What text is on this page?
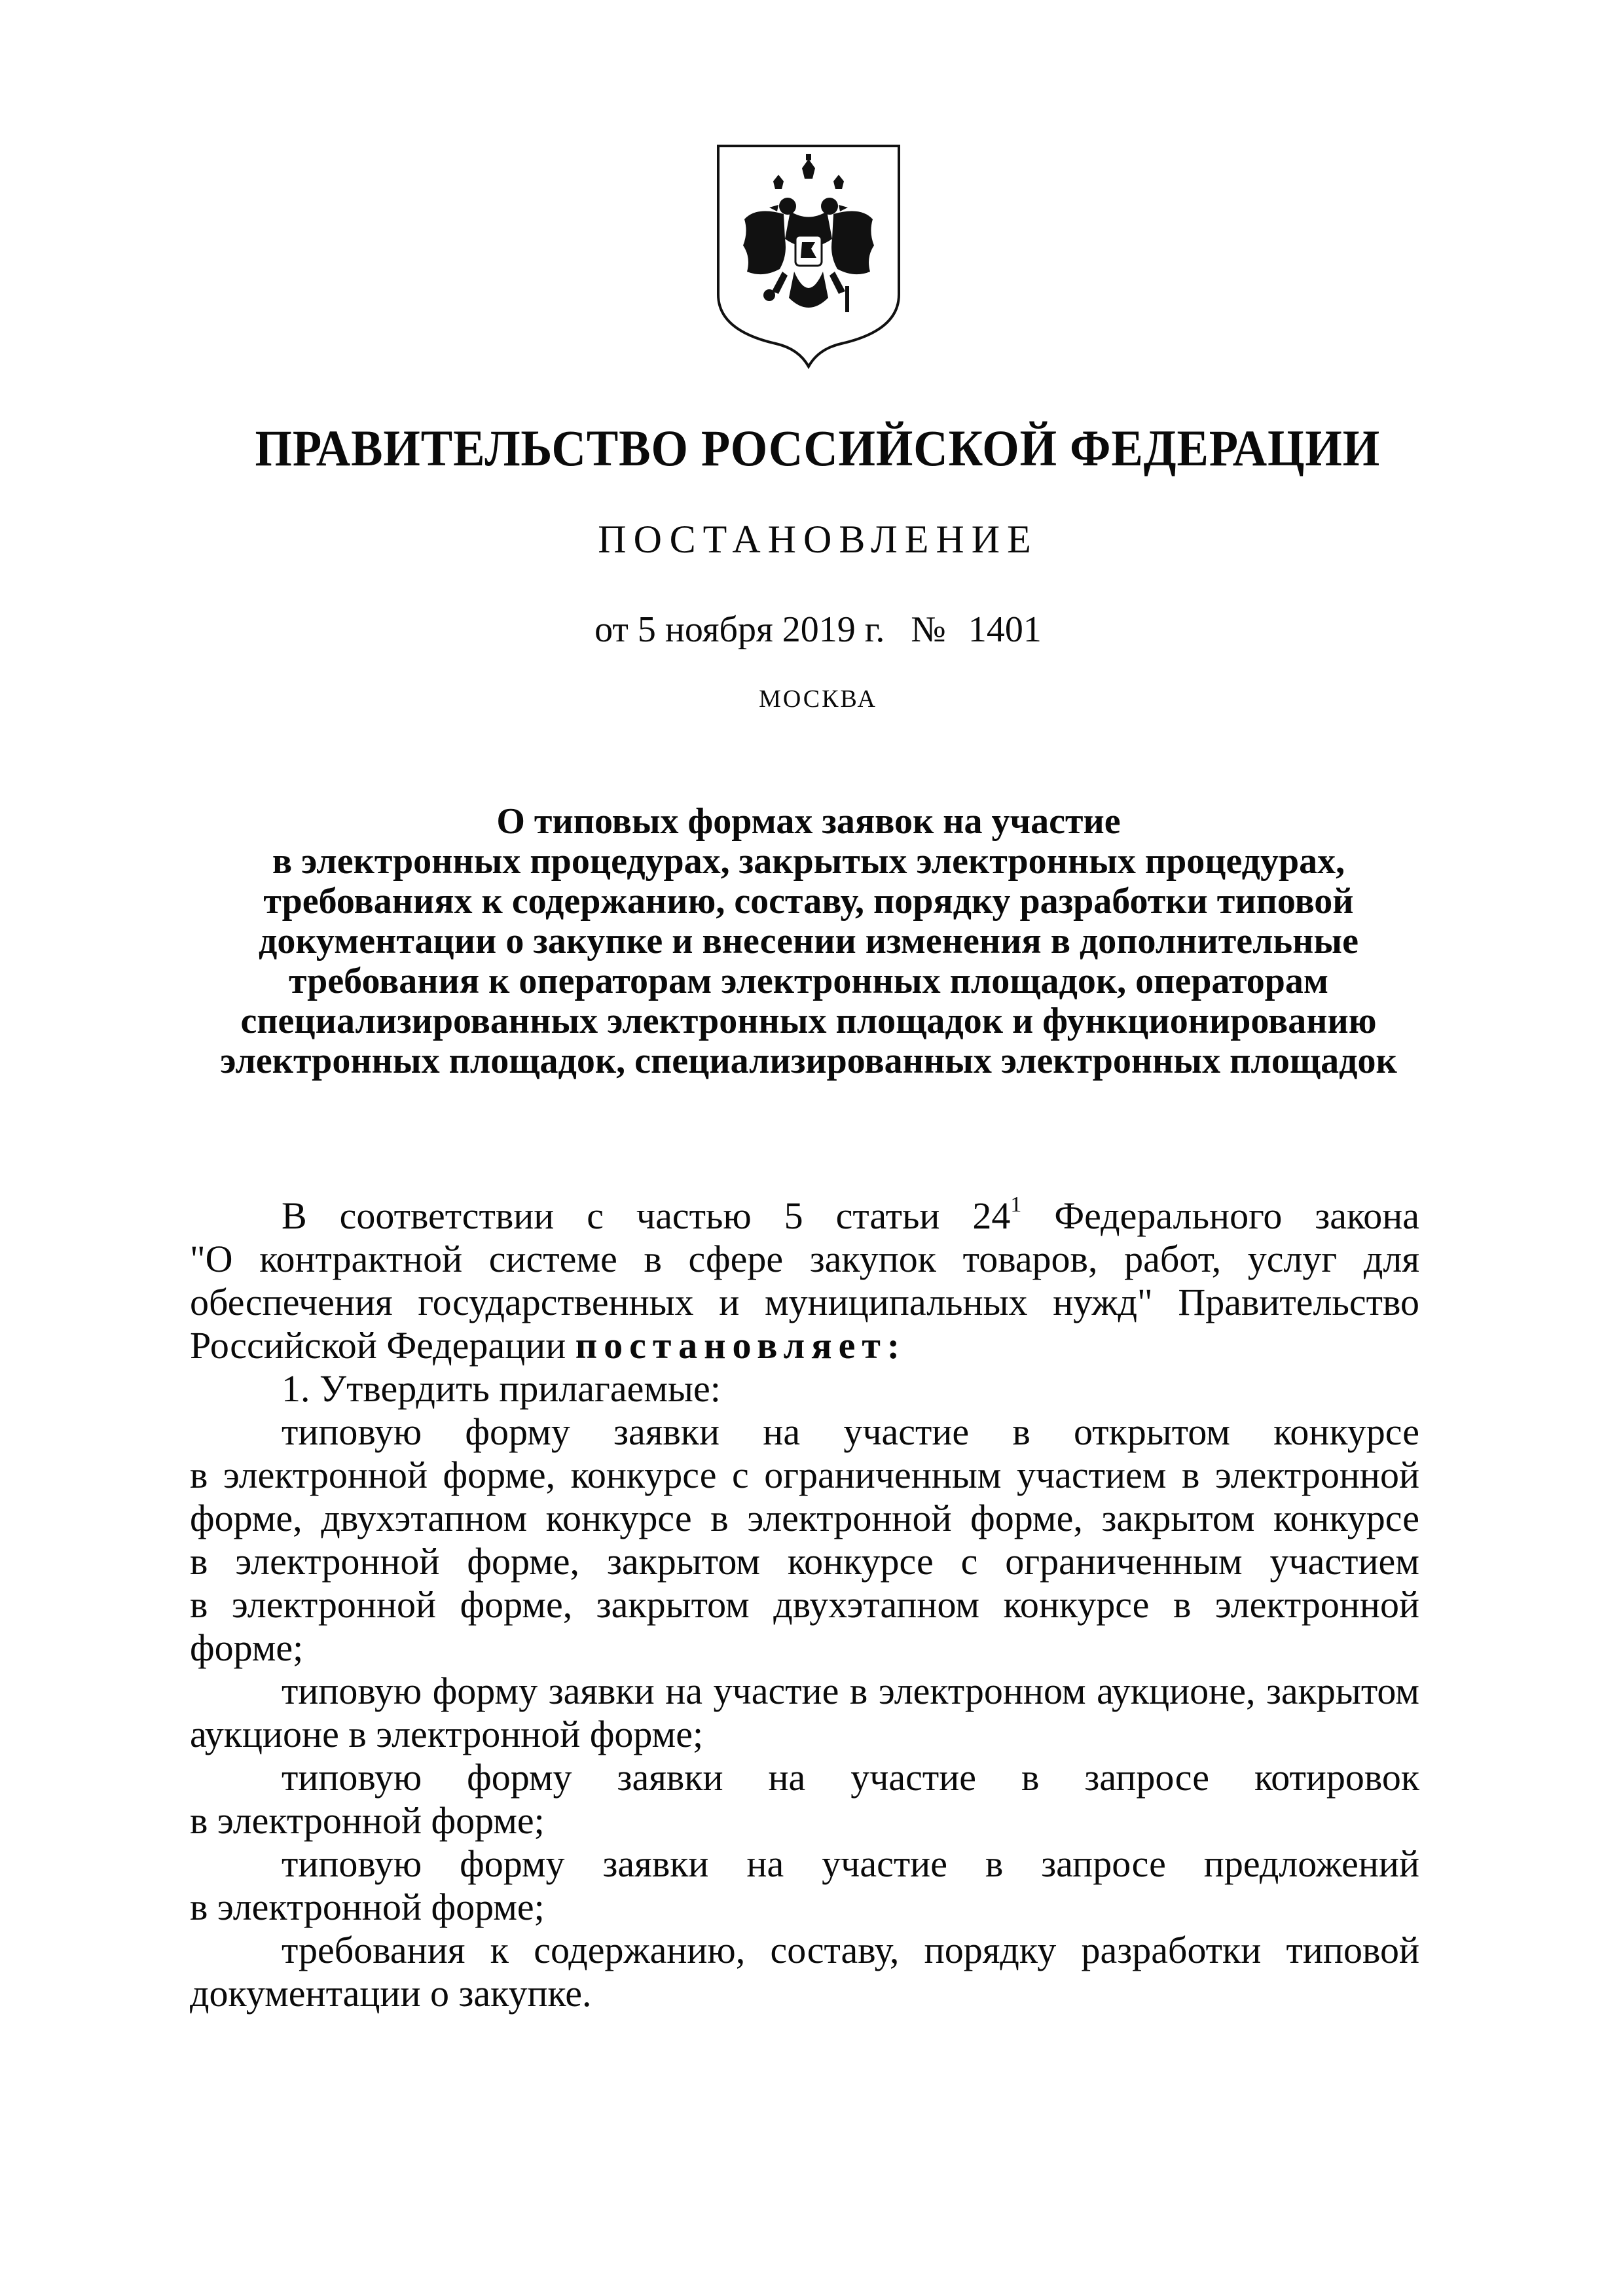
ПРАВИТЕЛЬСТВО РОССИЙСКОЙ ФЕДЕРАЦИИ
ПОСТАНОВЛЕНИЕ
от 5 ноября 2019 г. № 1401
МОСКВА
О типовых формах заявок на участие
в электронных процедурах, закрытых электронных процедурах,
требованиях к содержанию, составу, порядку разработки типовой
документации о закупке и внесении изменения в дополнительные
требования к операторам электронных площадок, операторам
специализированных электронных площадок и функционированию
электронных площадок, специализированных электронных площадок
В соответствии с частью 5 статьи $24^1$ Федерального закона
"О контрактной системе в сфере закупок товаров, работ, услуг для
обеспечения государственных и муниципальных нужд" Правительство
Российской Федерации постановляет:
1. Утвердить прилагаемые:
типовую форму заявки на участие в открытом конкурсе
в электронной форме, конкурсе с ограниченным участием в электронной
форме, двухэтапном конкурсе в электронной форме, закрытом конкурсе
в электронной форме, закрытом конкурсе с ограниченным участием
в электронной форме, закрытом двухэтапном конкурсе в электронной
форме;
типовую форму заявки на участие в электронном аукционе, закрытом
аукционе в электронной форме;
типовую форму заявки на участие в запросе котировок
в электронной форме;
типовую форму заявки на участие в запросе предложений
в электронной форме;
требования к содержанию, составу, порядку разработки типовой
документации о закупке.
